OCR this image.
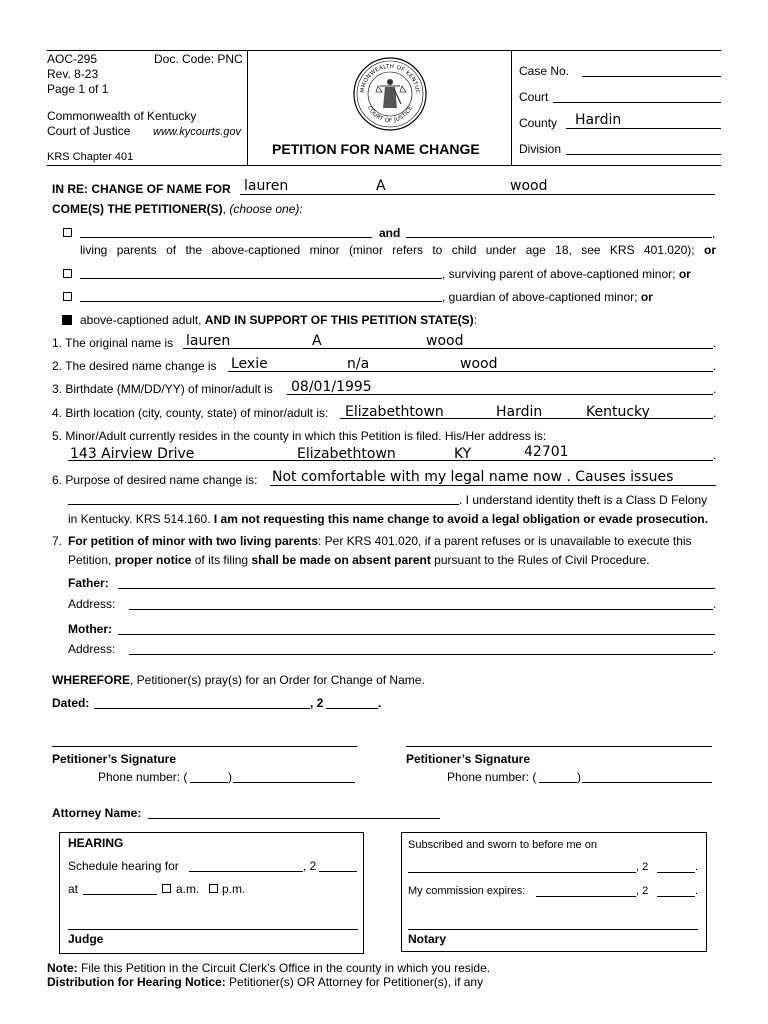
AOC-295	Doc. Code: PNC
Rev. 8-23
Page 1 of 1
Commonwealth of Kentucky
Court of Justice www.kycourts.gov
KRS Chapter 401
MMONWEALTH OF KENTUC
COURT OF JUSTICE
PETITION FOR NAME CHANGE
Case No.
Court
County Hardin
Division
IN RE: CHANGE OF NAME FOR lauren	A	wood
COME(S) THE PETITIONER(S), (choose one):
and	,
living parents of the above-captioned minor (minor refers to child under age 18, see KRS 401.020); or
, surviving parent of above-captioned minor; or
, guardian of above-captioned minor; or
above-captioned adult, AND IN SUPPORT OF THIS PETITION STATE(S):
1. The original name is	.
lauren	A	wood
2. The desired name change is	.
Lexie	n/a	wood
3. Birthdate (MM/DD/YY) of minor/adult is	.
08/01/1995
4. Birth location (city, county, state) of minor/adult is:	.
Elizabethtown	Hardin	Kentucky
5. Minor/Adult currently resides in the county in which this Petition is filed. His/Her address is:
.
143 Airview Drive	Elizabethtown	KY	42701
6. Purpose of desired name change is: Not comfortable with my legal name now . Causes issues
. I understand identity theft is a Class D Felony
in Kentucky. KRS 514.160. I am not requesting this name change to avoid a legal obligation or evade prosecution.
7. For petition of minor with two living parents: Per KRS 401.020, if a parent refuses or is unavailable to execute this
Petition, proper notice of its filing shall be made on absent parent pursuant to the Rules of Civil Procedure.
Father:
Address:	.
Mother:
Address:	.
WHEREFORE, Petitioner(s) pray(s) for an Order for Change of Name.
Dated:	, 2	.
Petitioner’s Signature
Phone number: (	)
Petitioner’s Signature
Phone number: (	)
Attorney Name:
HEARING
Schedule hearing for	, 2
at	a.m. p.m.
Judge
Subscribed and sworn to before me on
, 2	.
My commission expires:	, 2	.
Notary
Note: File this Petition in the Circuit Clerk’s Office in the county in which you reside.
Distribution for Hearing Notice: Petitioner(s) OR Attorney for Petitioner(s), if any
